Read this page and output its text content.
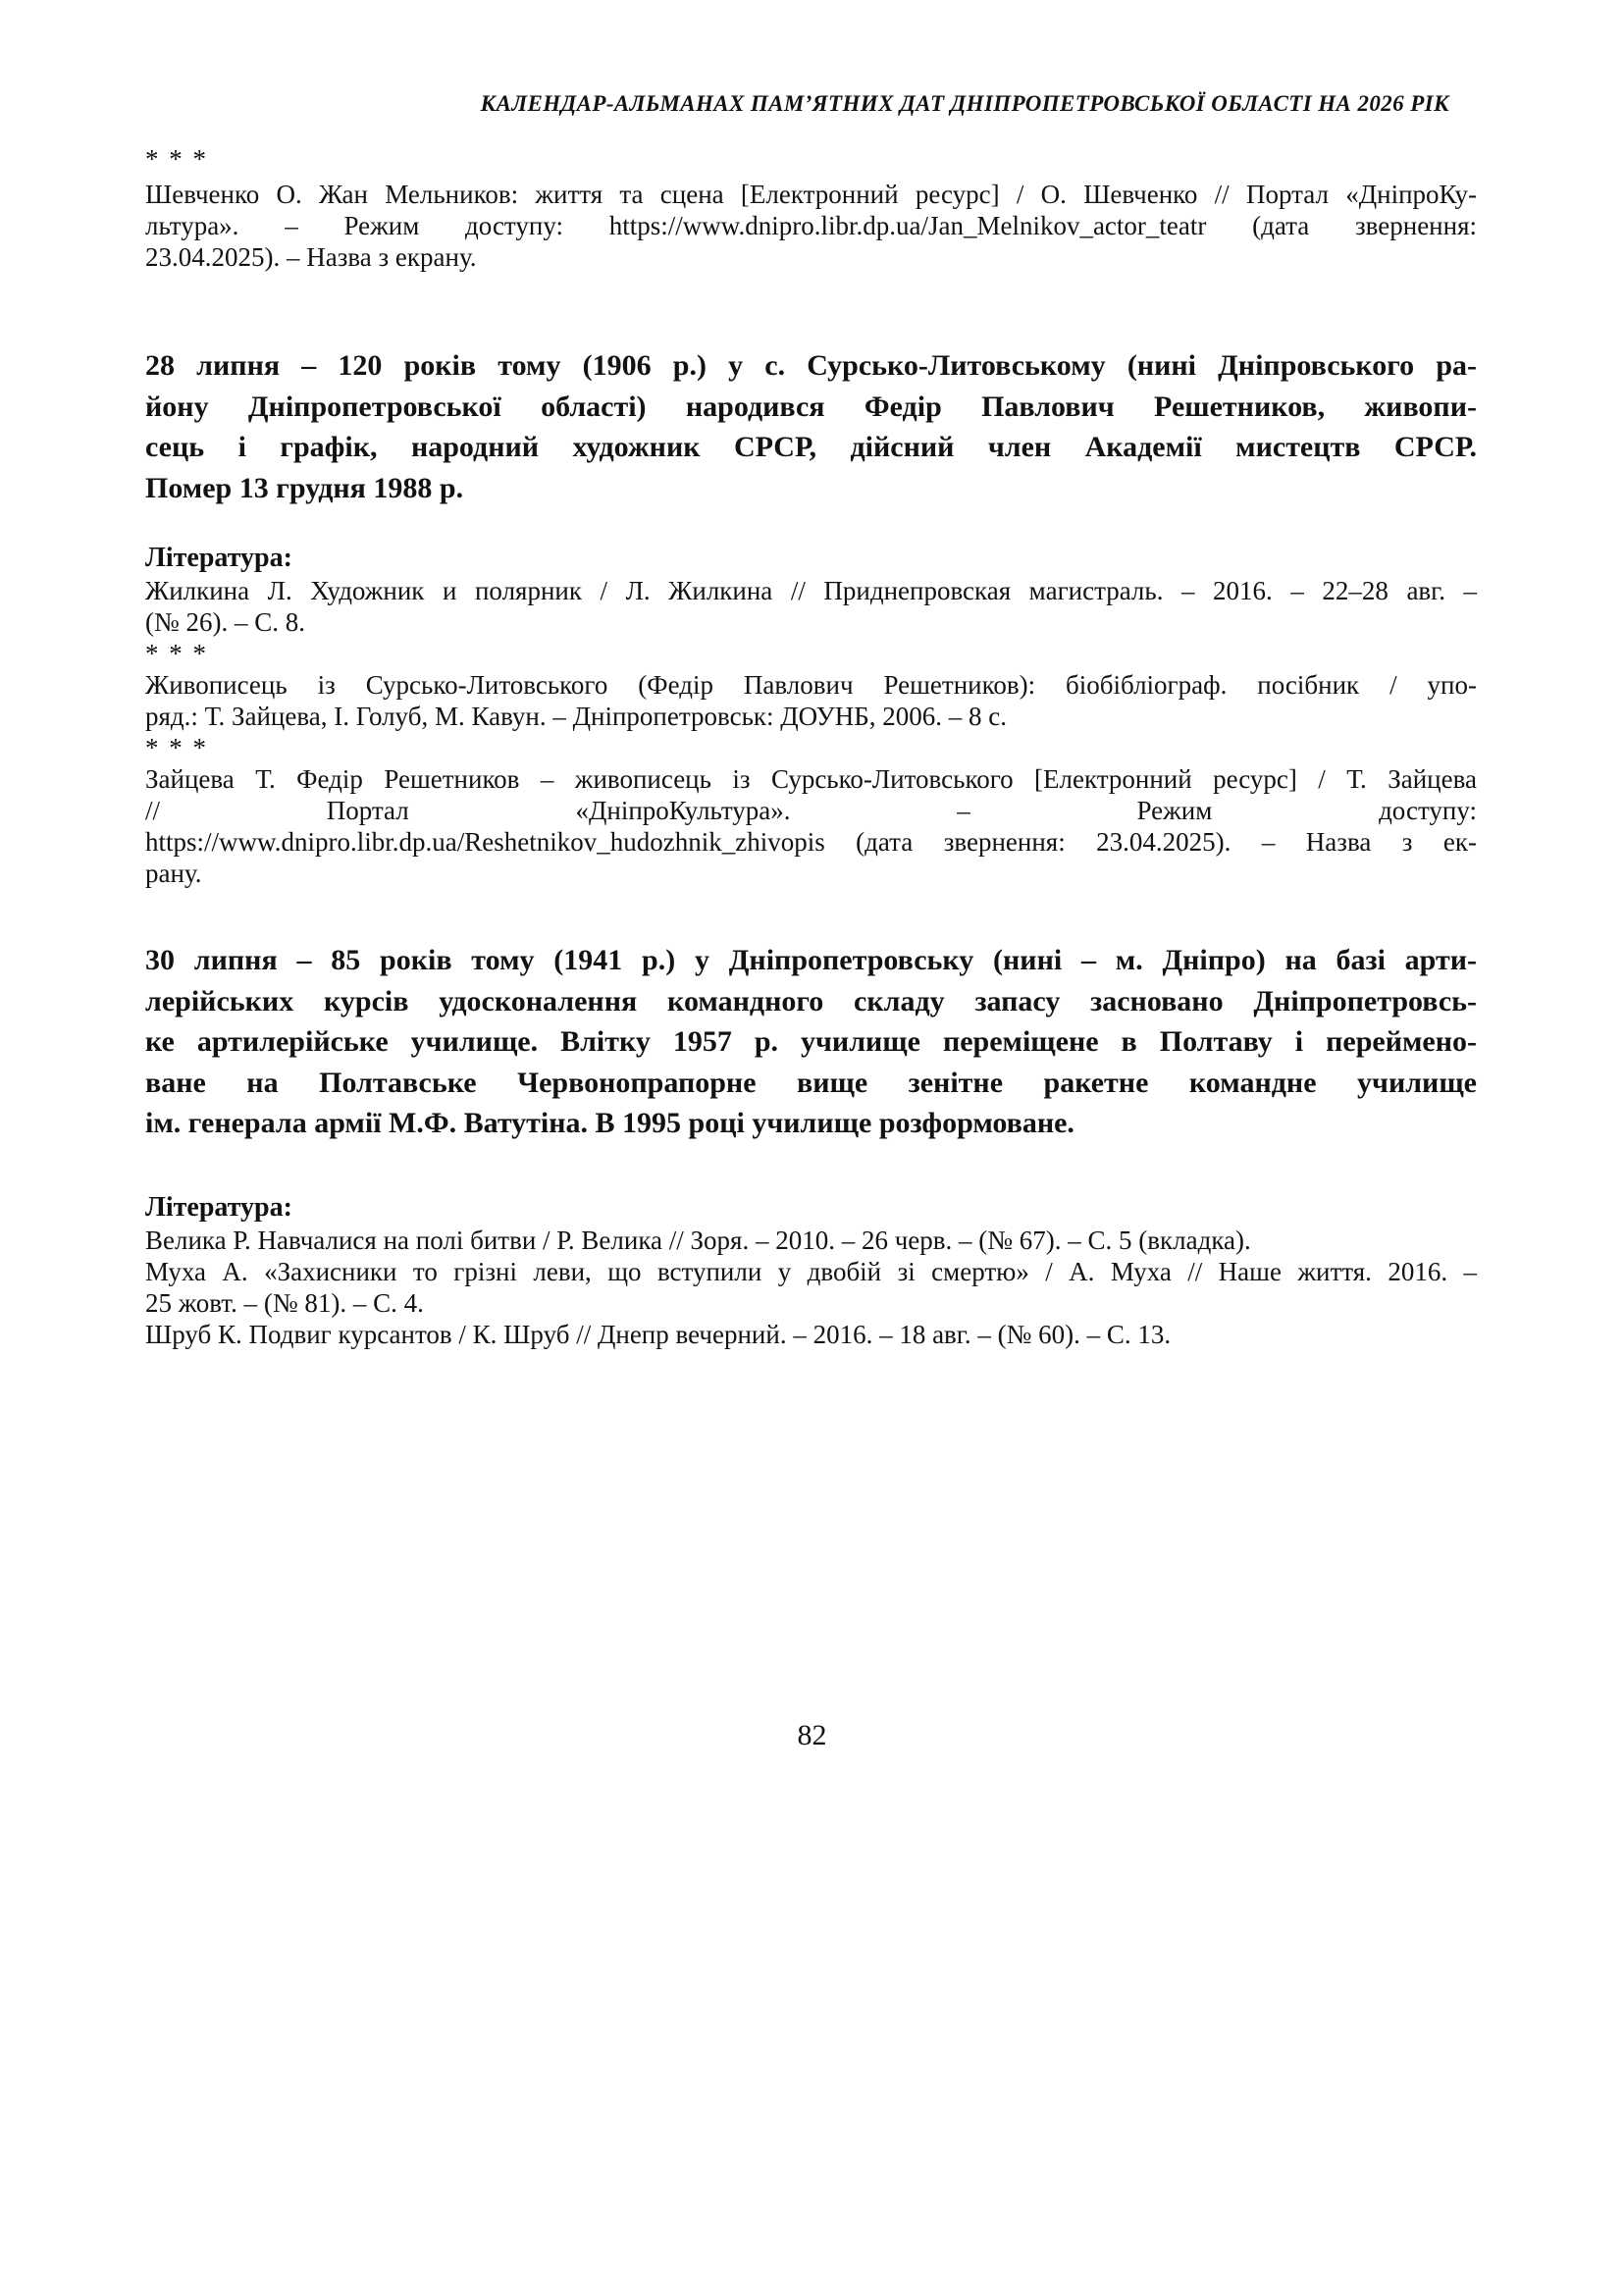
КАЛЕНДАР-АЛЬМАНАХ ПАМ’ЯТНИХ ДАТ ДНІПРОПЕТРОВСЬКОЇ ОБЛАСТІ НА 2026 РІК
* * *
Шевченко О. Жан Мельников: життя та сцена [Електронний ресурс] / О. Шевченко // Портал «ДніпроКу-
льтура». – Режим доступу: https://www.dnipro.libr.dp.ua/Jan_Melnikov_actor_teatr (дата звернення:
23.04.2025). – Назва з екрану.
28 липня – 120 років тому (1906 р.) у с. Сурсько-Литовському (нині Дніпровського ра-
йону Дніпропетровської області) народився Федір Павлович Решетников, живопи-
сець і графік, народний художник СРСР, дійсний член Академії мистецтв СРСР.
Помер 13 грудня 1988 р.
Література:
Жилкина Л. Художник и полярник / Л. Жилкина // Приднепровская магистраль. – 2016. – 22–28 авг. –
(№ 26). – С. 8.
* * *
Живописець із Сурсько-Литовського (Федір Павлович Решетников): біобібліограф. посібник / упо-
ряд.: Т. Зайцева, І. Голуб, М. Кавун. – Дніпропетровськ: ДОУНБ, 2006. – 8 с.
* * *
Зайцева Т. Федір Решетников – живописець із Сурсько-Литовського [Електронний ресурс] / Т. Зайцева
// Портал «ДніпроКультура». – Режим доступу:
https://www.dnipro.libr.dp.ua/Reshetnikov_hudozhnik_zhivopis (дата звернення: 23.04.2025). – Назва з ек-
рану.
30 липня – 85 років тому (1941 р.) у Дніпропетровську (нині – м. Дніпро) на базі арти-
лерійських курсів удосконалення командного складу запасу засновано Дніпропетровсь-
ке артилерійське училище. Влітку 1957 р. училище переміщене в Полтаву і переймено-
ване на Полтавське Червонопрапорне вище зенітне ракетне командне училище
ім. генерала армії М.Ф. Ватутіна. В 1995 році училище розформоване.
Література:
Велика Р. Навчалися на полі битви / Р. Велика // Зоря. – 2010. – 26 черв. – (№ 67). – С. 5 (вкладка).
Муха А. «Захисники то грізні леви, що вступили у двобій зі смертю» / А. Муха // Наше життя. 2016. –
25 жовт. – (№ 81). – С. 4.
Шруб К. Подвиг курсантов / К. Шруб // Днепр вечерний. – 2016. – 18 авг. – (№ 60). – С. 13.
82
